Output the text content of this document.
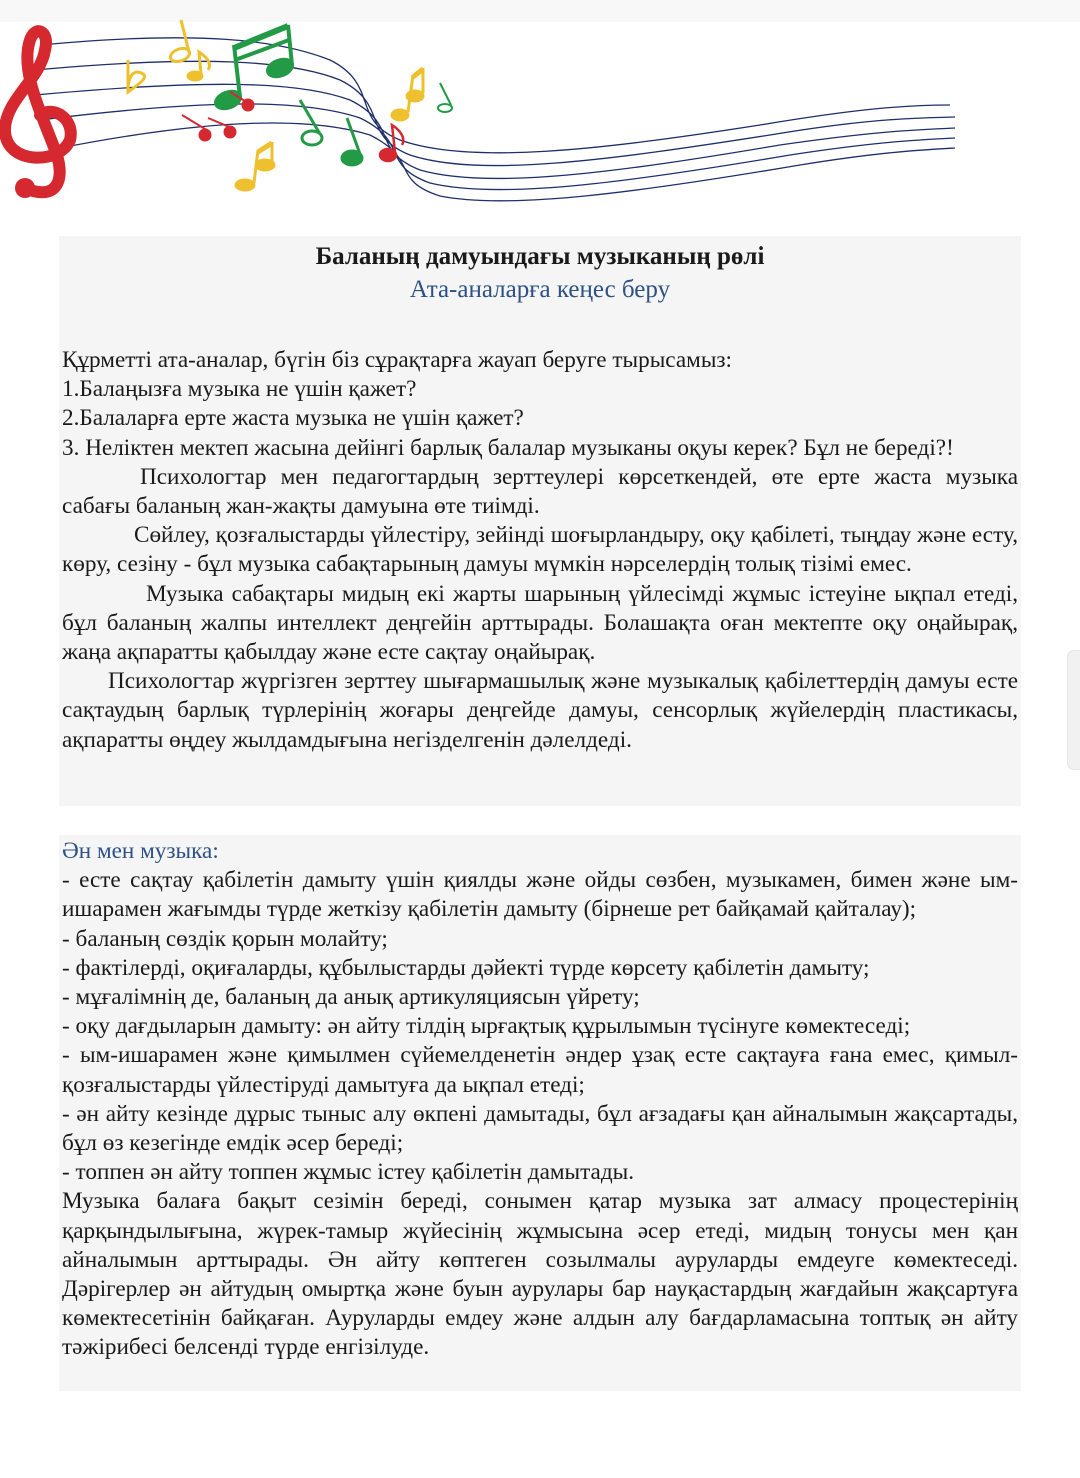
Баланың дамуындағы музыканың рөлі
Ата-аналарға кеңес беру

Құрметті ата-аналар, бүгін біз сұрақтарға жауап беруге тырысамыз:

1.Балаңызға музыка не үшін қажет?

2.Балаларға ерте жаста музыка не үшін қажет?

3. Неліктен мектеп жасына дейінгі барлық балалар музыканы оқуы керек? Бұл не береді?!

Психологтар мен педагогтардың зерттеулері көрсеткендей, өте ерте жаста музыка сабағы баланың жан-жақты дамуына өте тиімді.

Сөйлеу, қозғалыстарды үйлестіру, зейінді шоғырландыру, оқу қабілеті, тыңдау және есту, көру, сезіну - бұл музыка сабақтарының дамуы мүмкін нәрселердің толық тізімі емес.

Музыка сабақтары мидың екі жарты шарының үйлесімді жұмыс істеуіне ықпал етеді, бұл баланың жалпы интеллект деңгейін арттырады. Болашақта оған мектепте оқу оңайырақ, жаңа ақпаратты қабылдау және есте сақтау оңайырақ.

Психологтар жүргізген зерттеу шығармашылық және музыкалық қабілеттердің дамуы есте сақтаудың барлық түрлерінің жоғары деңгейде дамуы, сенсорлық жүйелердің пластикасы, ақпаратты өңдеу жылдамдығына негізделгенін дәлелдеді.

Ән мен музыка:

- есте сақтау қабілетін дамыту үшін қиялды және ойды сөзбен, музыкамен, бимен және ым-ишарамен жағымды түрде жеткізу қабілетін дамыту (бірнеше рет байқамай қайталау);

- баланың сөздік қорын молайту;

- фактілерді, оқиғаларды, құбылыстарды дәйекті түрде көрсету қабілетін дамыту;

- мұғалімнің де, баланың да анық артикуляциясын үйрету;

- оқу дағдыларын дамыту: ән айту тілдің ырғақтық құрылымын түсінуге көмектеседі;

- ым-ишарамен және қимылмен сүйемелденетін әндер ұзақ есте сақтауға ғана емес, қимыл-қозғалыстарды үйлестіруді дамытуға да ықпал етеді;

- ән айту кезінде дұрыс тыныс алу өкпені дамытады, бұл ағзадағы қан айналымын жақсартады, бұл өз кезегінде емдік әсер береді;

- топпен ән айту топпен жұмыс істеу қабілетін дамытады.

Музыка балаға бақыт сезімін береді, сонымен қатар музыка зат алмасу процестерінің қарқындылығына, жүрек-тамыр жүйесінің жұмысына әсер етеді, мидың тонусы мен қан айналымын арттырады. Ән айту көптеген созылмалы ауруларды емдеуге көмектеседі. Дәрігерлер ән айтудың омыртқа және буын аурулары бар науқастардың жағдайын жақсартуға көмектесетінін байқаған. Ауруларды емдеу және алдын алу бағдарламасына топтық ән айту тәжірибесі белсенді түрде енгізілуде.
